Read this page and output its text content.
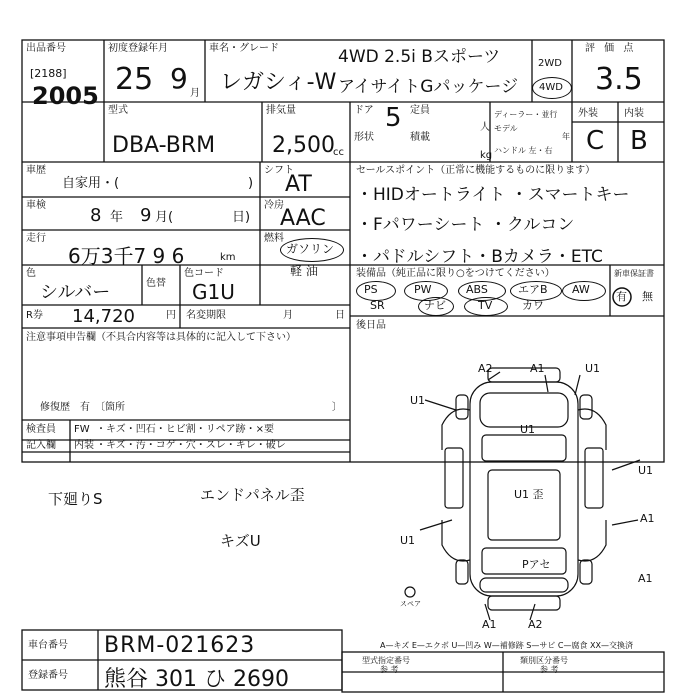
出品番号
[2188]
2005
初度登録年月
25 9 月
車名・グレード
レガシィ-W
4WD 2.5i Bスポーツ
アイサイトGパッケージ
2WD
4WD
評 価 点
3.5
外装	内装
C B
型式
DBA-BRM
排気量
2,500
cc
ドア 5 定員
人
形状	積載
kg
ディーラー・並行
モデル
年
ハンドル 左・右
車歴
自家用・(	)
シフト
AT
車検 8 年 9 月(	日)
冷房
AAC
走行
6万3千7 9 6	km
燃料
ガソリン
軽 油
色
シルバー	色替
色コード
G1U
R券 14,720	円 名変期限	月	日
注意事項申告欄（不具合内容等は具体的に記入して下さい）
修復歴　有　〔箇所	〕
検査員
記入欄
FW ・キズ・凹石・ヒビ割・リペア跡・×要
内装 ・キズ・汚・コゲ・穴・スレ・キレ・破レ
セールスポイント（正常に機能するものに限ります）
・HIDオートライト ・スマートキー
・Fパワーシート ・クルコン
・パドルシフト・Bカメラ・ETC
装備品（純正品に限り○をつけてください）	新車保証書
PS	PW	ABS	エアB AW
SR	ナビ	TV	カワ
有 無
後日品
下廻りS	エンドパネル歪
キズU
A2	A1
U1
U1
U1
U1 歪
U1
A1
U1
A1
A1	A2
Pアセ
スペア
A—キズ E—エクボ U—凹み W—補修跡 S—サビ C—腐食 XX—交換済
車台番号 BRM-021623
登録番号 熊谷 301 ひ 2690
型式指定番号
参 考
類別区分番号
参 考
